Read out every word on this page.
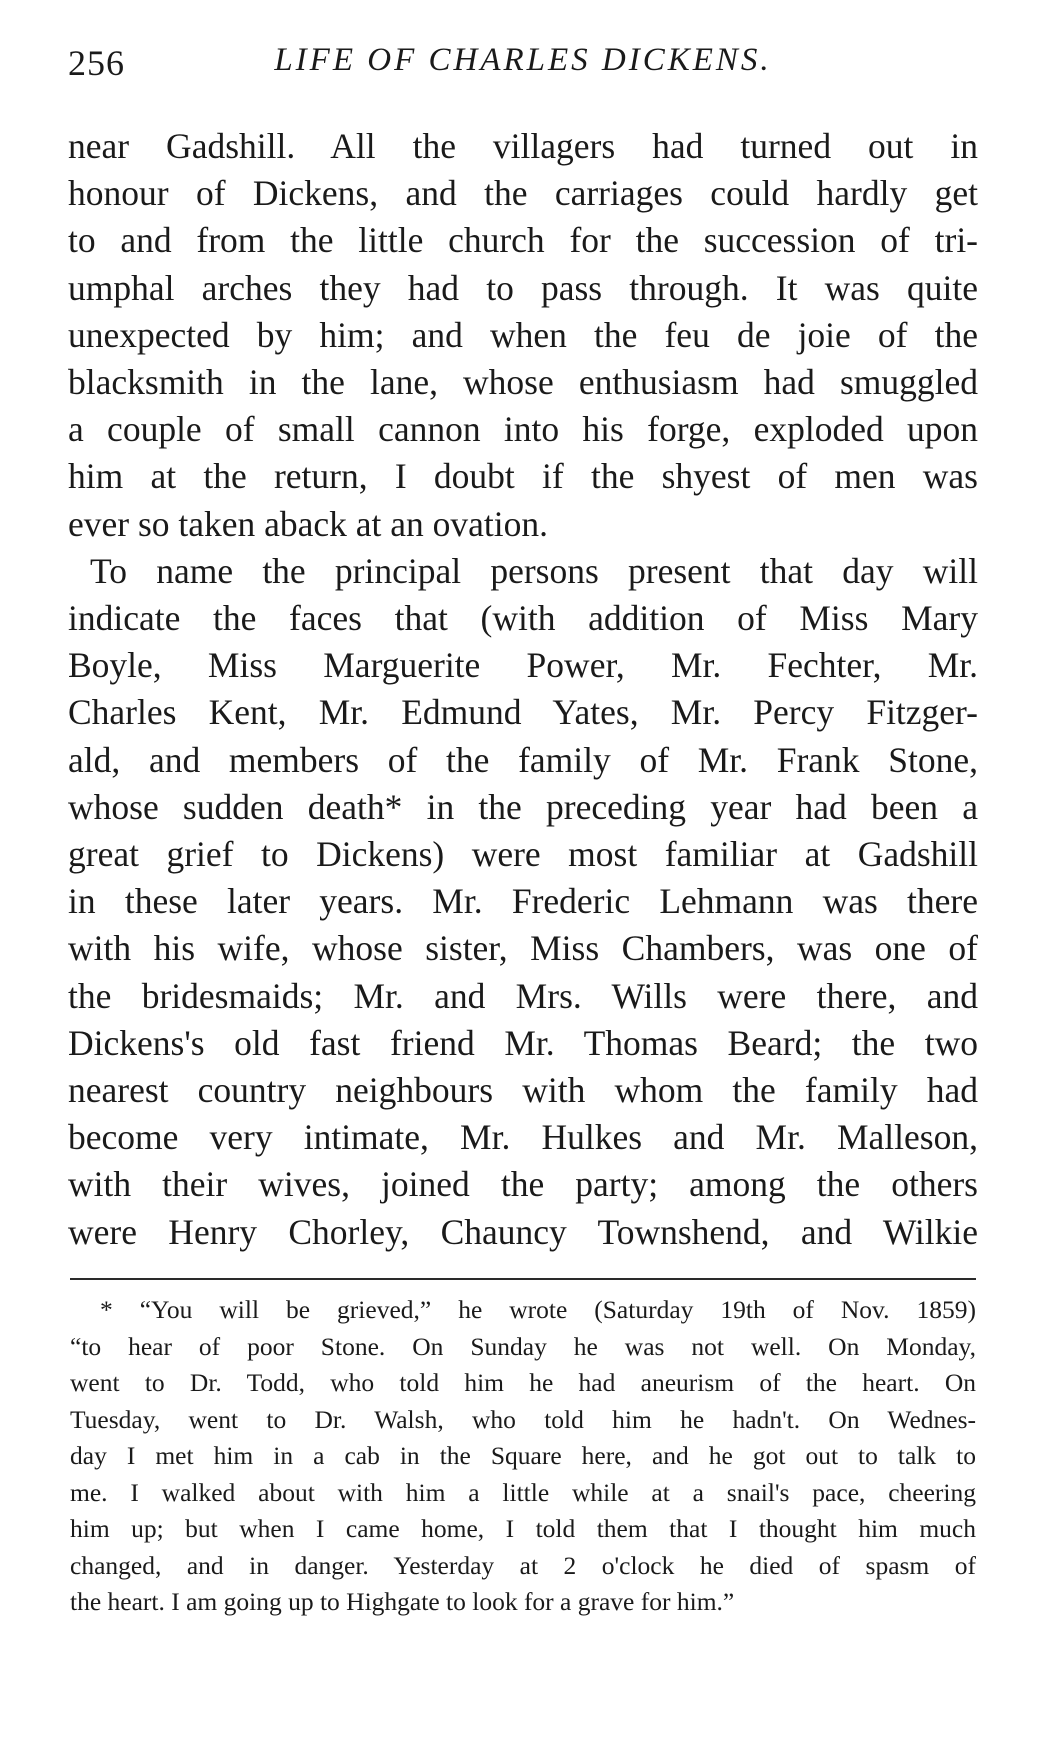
256	LIFE OF CHARLES DICKENS.
near Gadshill. All the villagers had turned out in
honour of Dickens, and the carriages could hardly get
to and from the little church for the succession of tri-
umphal arches they had to pass through. It was quite
unexpected by him; and when the feu de joie of the
blacksmith in the lane, whose enthusiasm had smuggled
a couple of small cannon into his forge, exploded upon
him at the return, I doubt if the shyest of men was
ever so taken aback at an ovation.
To name the principal persons present that day will
indicate the faces that (with addition of Miss Mary
Boyle, Miss Marguerite Power, Mr. Fechter, Mr.
Charles Kent, Mr. Edmund Yates, Mr. Percy Fitzger-
ald, and members of the family of Mr. Frank Stone,
whose sudden death* in the preceding year had been a
great grief to Dickens) were most familiar at Gadshill
in these later years. Mr. Frederic Lehmann was there
with his wife, whose sister, Miss Chambers, was one of
the bridesmaids; Mr. and Mrs. Wills were there, and
Dickens's old fast friend Mr. Thomas Beard; the two
nearest country neighbours with whom the family had
become very intimate, Mr. Hulkes and Mr. Malleson,
with their wives, joined the party; among the others
were Henry Chorley, Chauncy Townshend, and Wilkie
* “You will be grieved,” he wrote (Saturday 19th of Nov. 1859)
“to hear of poor Stone. On Sunday he was not well. On Monday,
went to Dr. Todd, who told him he had aneurism of the heart. On
Tuesday, went to Dr. Walsh, who told him he hadn't. On Wednes-
day I met him in a cab in the Square here, and he got out to talk to
me. I walked about with him a little while at a snail's pace, cheering
him up; but when I came home, I told them that I thought him much
changed, and in danger. Yesterday at 2 o'clock he died of spasm of
the heart. I am going up to Highgate to look for a grave for him.”
